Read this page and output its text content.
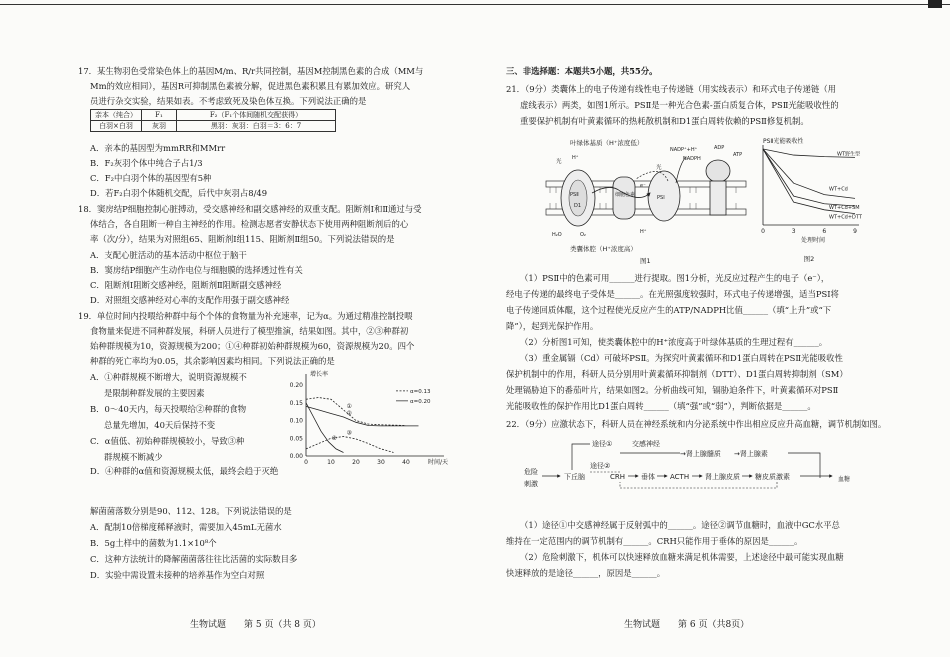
17．某生物羽色受常染色体上的基因M/m、R/r共同控制，基因M控制黑色素的合成（MM与
Mm的效应相同），基因R可抑制黑色素被分解，促进黑色素积累且有累加效应。研究人
员进行杂交实验，结果如表。不考虑致死及染色体互换。下列说法正确的是
亲本（纯合）	F₁	F₂（F₁个体间随机交配获得）
白羽×白羽	灰羽	黑羽：灰羽：白羽＝3：6：7
A．亲本的基因型为mmRR和MMrr
B．F₂灰羽个体中纯合子占1/3
C．F₂中白羽个体的基因型有5种
D．若F₂白羽个体随机交配，后代中灰羽占8/49
18．窦房结P细胞控制心脏搏动，受交感神经和副交感神经的双重支配。阻断剂Ⅰ和Ⅱ通过与受
体结合，各自阻断一种自主神经的作用。检测志愿者安静状态下使用两种阻断剂后的心
率（次/分），结果为对照组65、阻断剂Ⅰ组115、阻断剂Ⅱ组50。下列说法错误的是
A．支配心脏活动的基本活动中枢位于脑干
B．窦房结P细胞产生动作电位与细胞膜的选择透过性有关
C．阻断剂Ⅰ阻断交感神经，阻断剂Ⅱ阻断副交感神经
D．对照组交感神经对心率的支配作用强于副交感神经
19．单位时间内投喂给种群中每个个体的食物量为补充速率，记为α。为通过精准控制投喂
食物量来促进不同种群发展，科研人员进行了模型推演，结果如图。其中，②③种群初
始种群规模为10，资源规模为200；①④种群初始种群规模为60，资源规模为20。四个
种群的死亡率均为0.05，其余影响因素均相同。下列说法正确的是
A．①种群规模不断增大，说明资源规模不
是限制种群发展的主要因素
B．0～40天内，每天投喂给②种群的食物
总量先增加，40天后保持不变
C．α值低、初始种群规模较小，导致③种
群规模不断减少
D．④种群的α值和资源规模太低，最终会趋于灭绝
0.00
0.05
0.10
0.15
0.20
0	10	20	30	40
增长率
时间/天
α=0.13
α=0.20
①
②
③
④
解菌菌落数分别是90、112、128。下列说法错误的是
A．配制10倍梯度稀释液时，需要加入45mL无菌水
B．5g土样中的菌数为1.1×10⁸个
C．这种方法统计的降解菌菌落往往比活菌的实际数目多
D．实验中需设置未接种的培养基作为空白对照
生物试题　　第 5 页（共 8 页）
三、非选择题：本题共5小题，共55分。
21．（9分）类囊体上的电子传递有线性电子传递链（用实线表示）和环式电子传递链（用
虚线表示）两类，如图1所示。PSⅡ是一种光合色素-蛋白质复合体，PSⅡ光能吸收性的
重要保护机制有叶黄素循环的热耗散机制和D1蛋白周转依赖的PSⅡ修复机制。
叶绿体基质（H⁺浓度低）
NADP⁺+H⁺
NADPH
ADP
ATP
光
H⁺
PSⅡ
D1
细胞色素	PSⅠ
光
e⁻
H₂O	O₂	H⁺
类囊体腔（H⁺浓度高）
图1
PSⅡ光能吸收性
0	3	6	9
处理时间
图2
WT野生型
WT+Cd
WT+Cd+SM
WT+Cd+DTT
（1）PSⅡ中的色素可用______进行提取。图1分析，光反应过程产生的电子（e⁻），
经电子传递的最终电子受体是______。在光照强度较强时，环式电子传递增强，适当PSⅠ将
电子传递回质体醌，这个过程使光反应产生的ATP/NADPH比值______（填“上升”或“下
降”），起到光保护作用。
（2）分析图1可知，使类囊体腔中的H⁺浓度高于叶绿体基质的生理过程有______。
（3）重金属镉（Cd）可破坏PSⅡ。为探究叶黄素循环和D1蛋白周转在PSⅡ光能吸收性
保护机制中的作用，科研人员分别用叶黄素循环抑制剂（DTT）、D1蛋白周转抑制剂（SM）
处理镉胁迫下的番茄叶片，结果如图2。分析曲线可知，镉胁迫条件下，叶黄素循环对PSⅡ
光能吸收性的保护作用比D1蛋白周转______（填“强”或“弱”），判断依据是______。
22．（9分）应激状态下，科研人员在神经系统和内分泌系统中作出相应反应升高血糖，调节机制如图。
危险
刺激
下丘脑
途径①	交感神经
→肾上腺髓质 →肾上腺素
途径②
CRH 垂体 ACTH 肾上腺皮质 糖皮质激素	血糖
（1）途径①中交感神经属于反射弧中的______。途径②调节血糖时，血液中GC水平总
维持在一定范围内的调节机制有______。CRH只能作用于垂体的原因是______。
（2）危险刺激下，机体可以快速释放血糖来满足机体需要，上述途径中最可能实现血糖
快速释放的是途径______，原因是______。
生物试题　　第 6 页（共8页）
